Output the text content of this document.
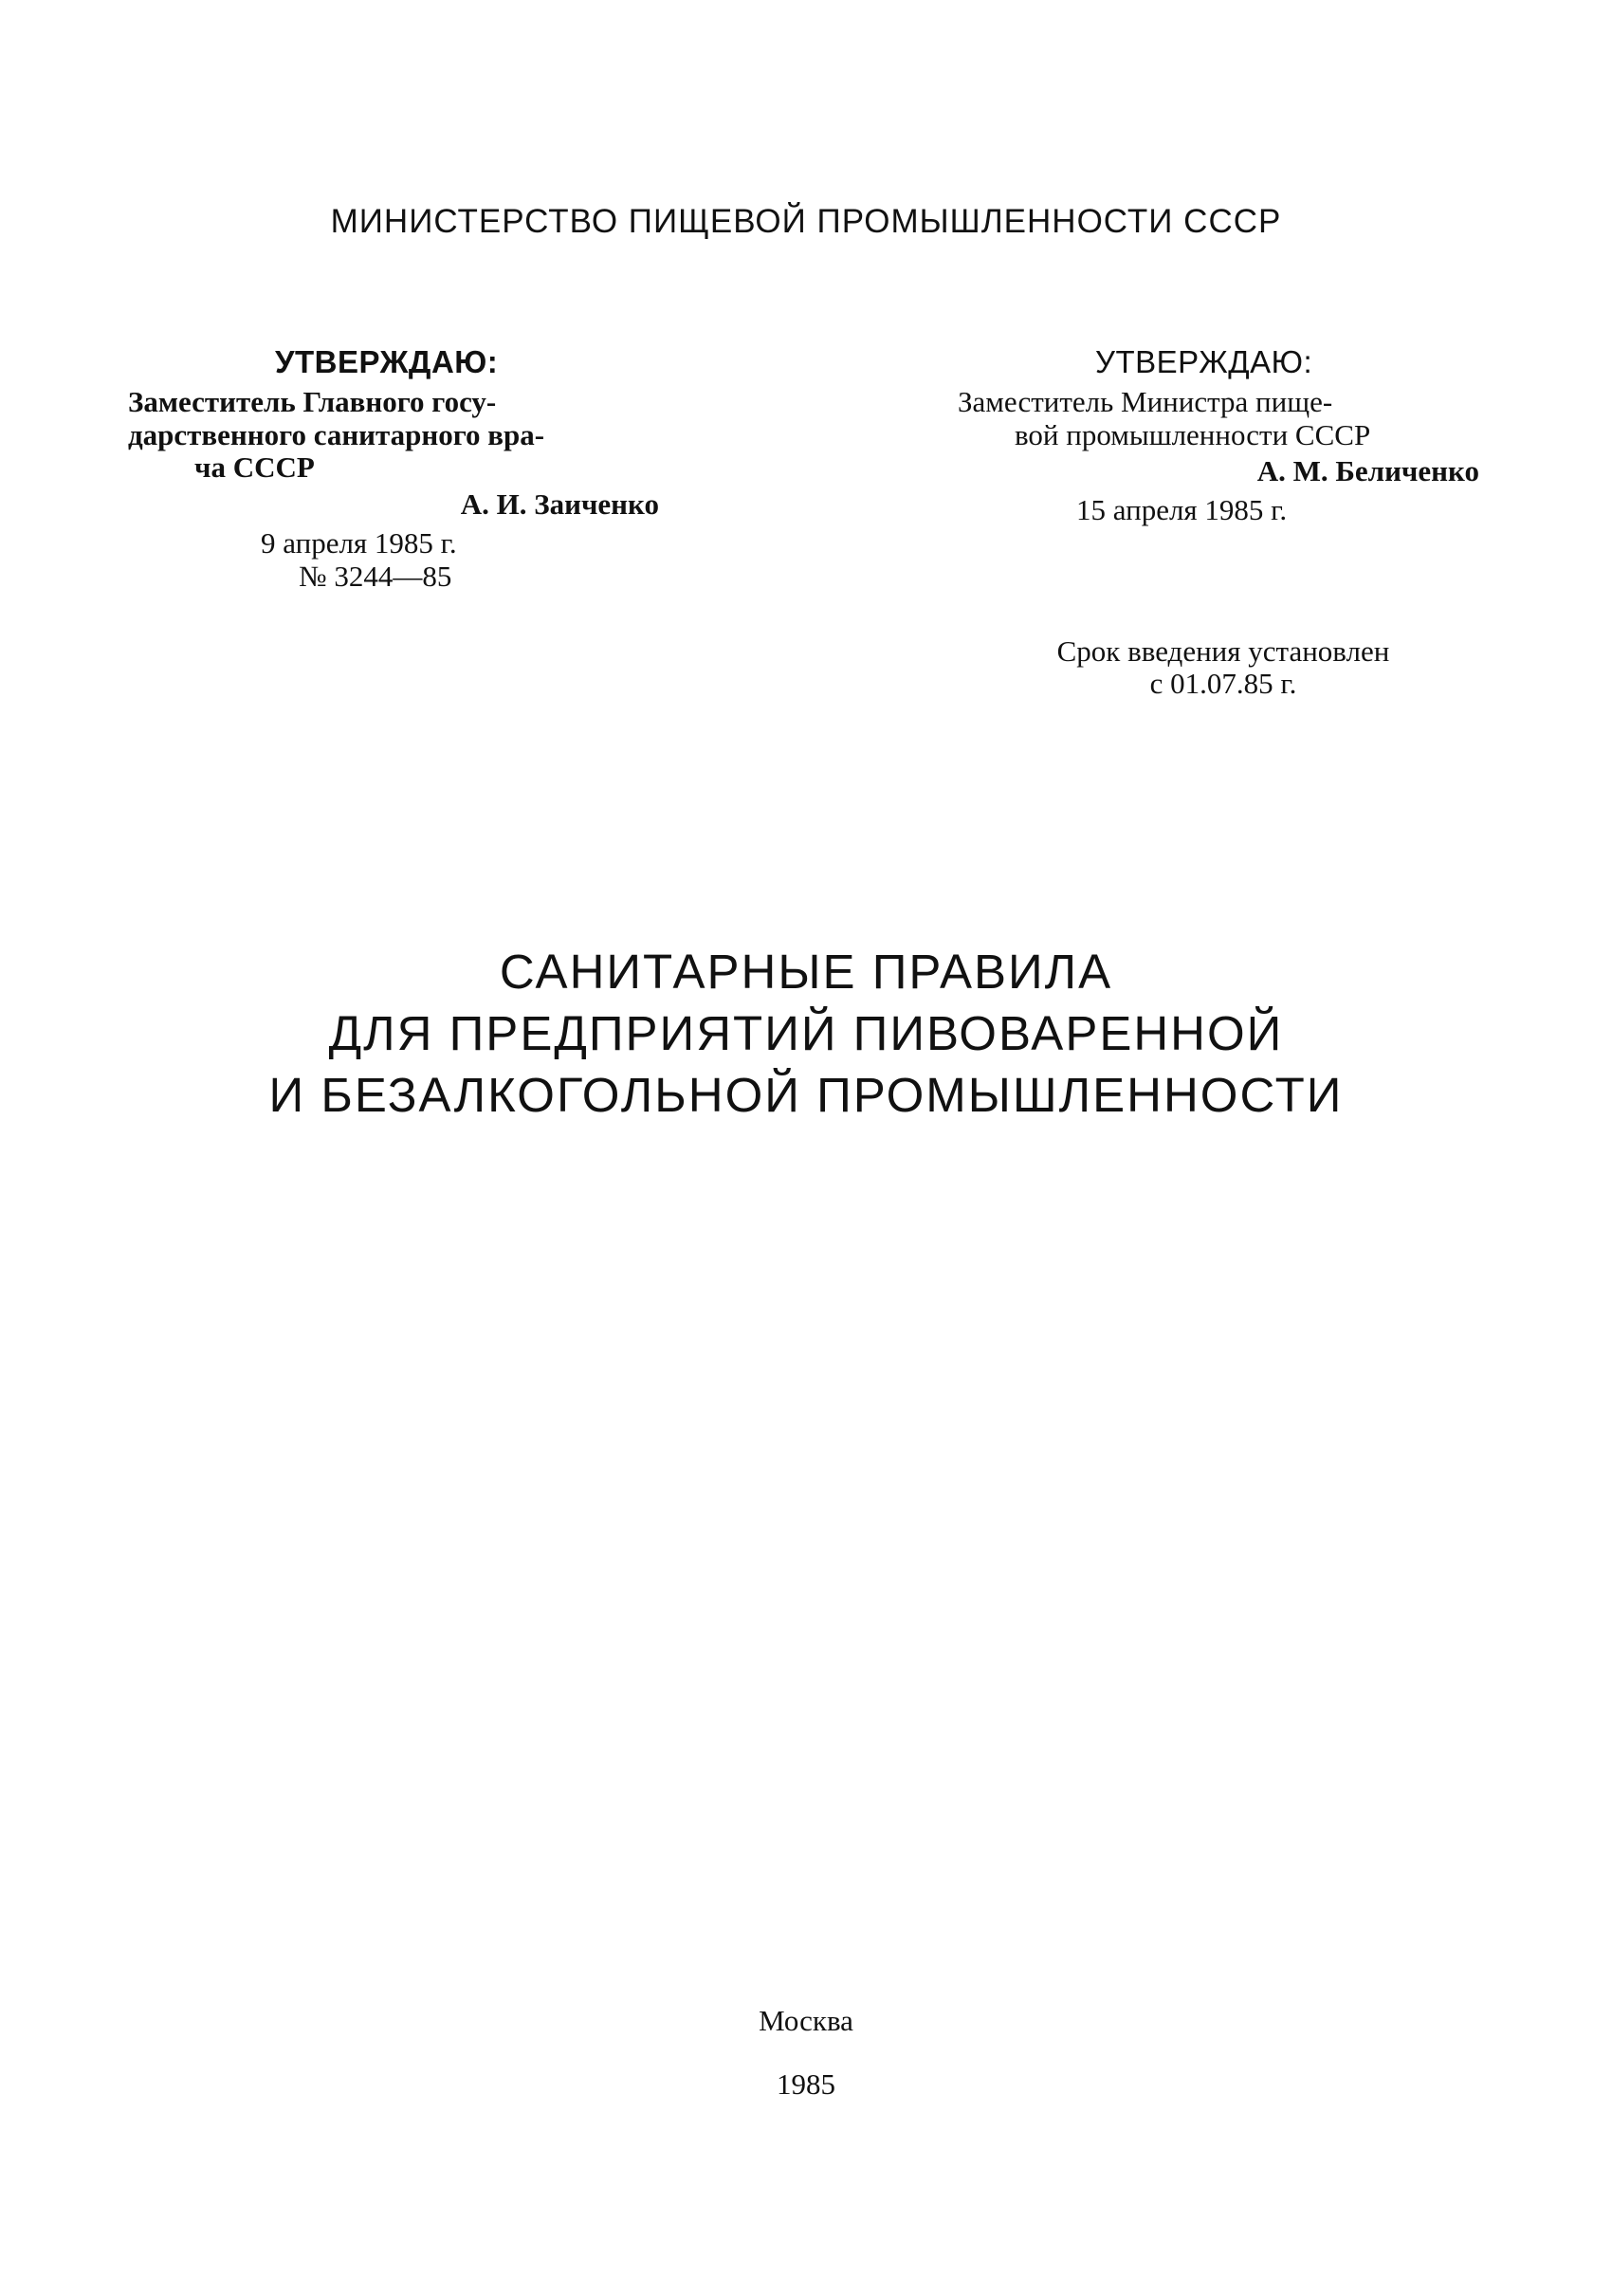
МИНИСТЕРСТВО ПИЩЕВОЙ ПРОМЫШЛЕННОСТИ СССР
УТВЕРЖДАЮ:
Заместитель Главного госу-
дарственного санитарного вра-
ча СССР
А. И. Заиченко
9 апреля 1985 г.
№ 3244—85
УТВЕРЖДАЮ:
Заместитель Министра пище-
вой промышленности СССР
А. М. Беличенко
15 апреля 1985 г.
Срок введения установлен
с 01.07.85 г.
САНИТАРНЫЕ ПРАВИЛА
ДЛЯ ПРЕДПРИЯТИЙ ПИВОВАРЕННОЙ
И БЕЗАЛКОГОЛЬНОЙ ПРОМЫШЛЕННОСТИ
Москва
1985
